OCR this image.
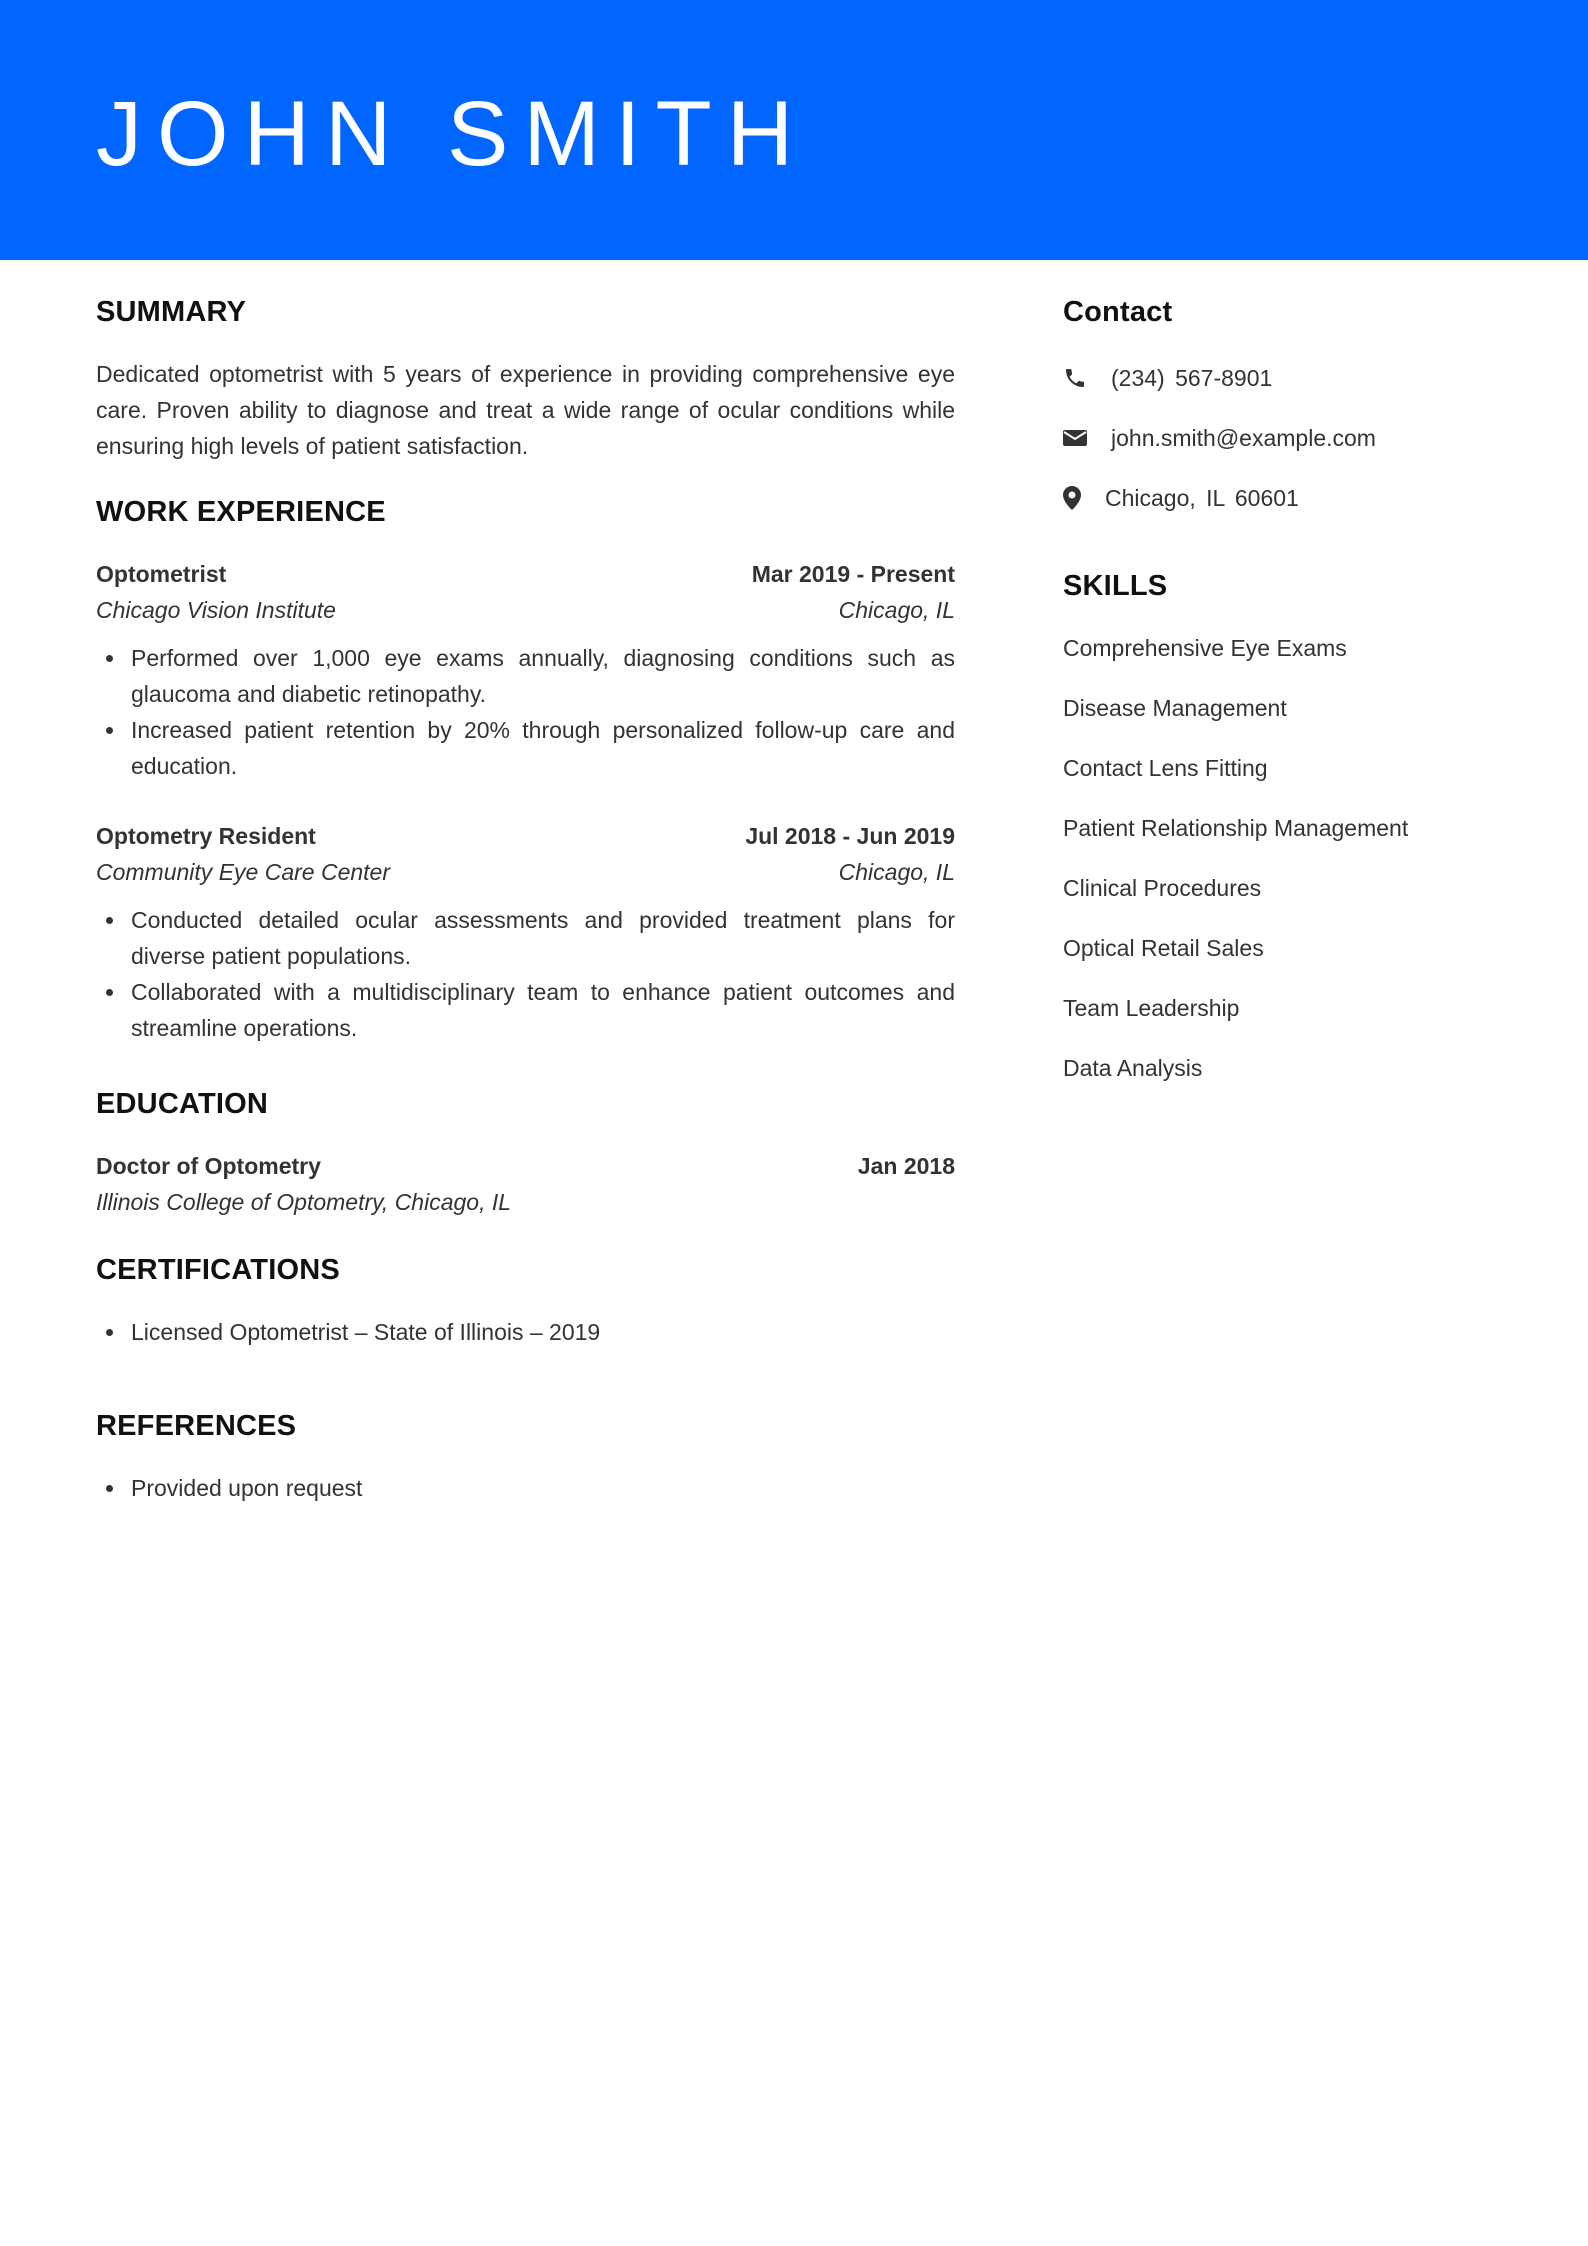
JOHN SMITH
SUMMARY

Dedicated optometrist with 5 years of experience in providing comprehensive eye care. Proven ability to diagnose and treat a wide range of ocular conditions while ensuring high levels of patient satisfaction.

WORK EXPERIENCE
Optometrist	Mar 2019 - Present
Chicago Vision Institute	Chicago, IL
Performed over 1,000 eye exams annually, diagnosing conditions such as glaucoma and diabetic retinopathy.
Increased patient retention by 20% through personalized follow-up care and education.
Optometry Resident	Jul 2018 - Jun 2019
Community Eye Care Center	Chicago, IL
Conducted detailed ocular assessments and provided treatment plans for diverse patient populations.
Collaborated with a multidisciplinary team to enhance patient outcomes and streamline operations.
EDUCATION
Doctor of Optometry	Jan 2018
Illinois College of Optometry, Chicago, IL
CERTIFICATIONS
Licensed Optometrist – State of Illinois – 2019
REFERENCES
Provided upon request
Contact
(234) 567-8901
john.smith@example.com
Chicago, IL 60601
SKILLS
Comprehensive Eye Exams
Disease Management
Contact Lens Fitting
Patient Relationship Management
Clinical Procedures
Optical Retail Sales
Team Leadership
Data Analysis
